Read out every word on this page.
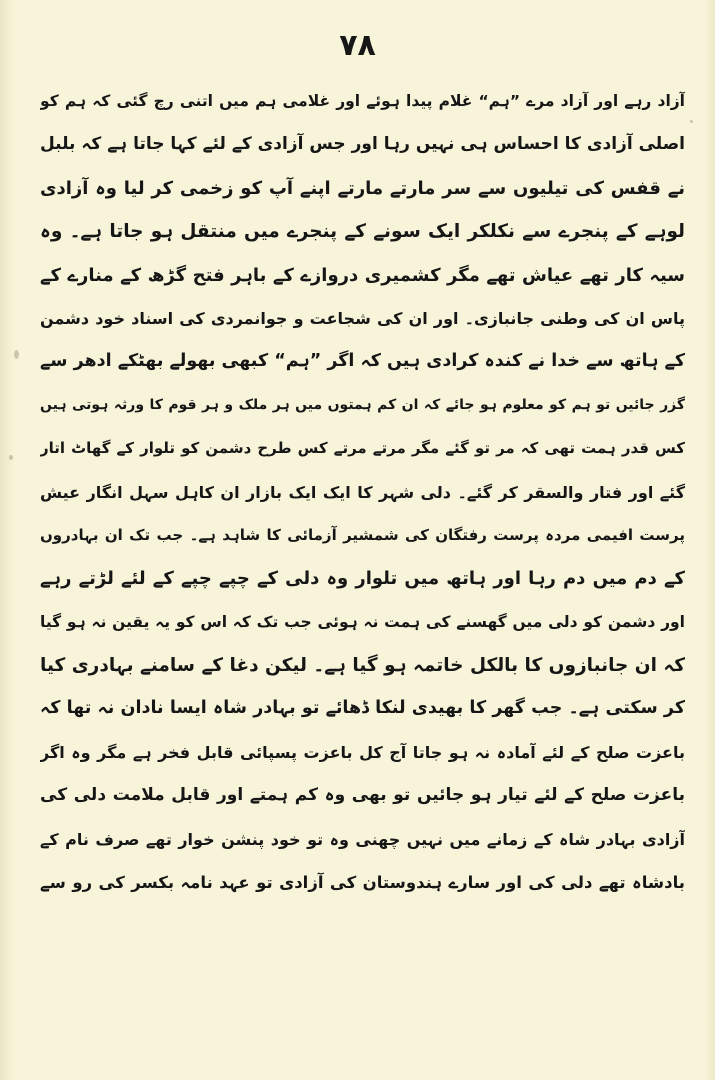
۷۸
آزاد رہے اور آزاد مرے ”ہم“ غلام پیدا ہوئے اور غلامی ہم میں اتنی رچ گئی کہ ہم کو
اصلی آزادی کا احساس ہی نہیں رہا اور جس آزادی کے لئے کہا جاتا ہے کہ بلبل
نے قفس کی تیلیوں سے سر مارتے مارتے اپنے آپ کو زخمی کر لیا وہ آزادی
لوہے کے پنجرے سے نکلکر ایک سونے کے پنجرے میں منتقل ہو جاتا ہے۔ وہ
سیہ کار تھے عیاش تھے مگر کشمیری دروازے کے باہر فتح گڑھ کے منارے کے
پاس ان کی وطنی جانبازی۔ اور ان کی شجاعت و جوانمردی کی اسناد خود دشمن
کے ہاتھ سے خدا نے کندہ کرادی ہیں کہ اگر ”ہم“ کبھی بھولے بھٹکے ادھر سے
گزر جائیں تو ہم کو معلوم ہو جائے کہ ان کم ہمتوں میں ہر ملک و ہر قوم کا ورثہ ہوتی ہیں
کس قدر ہمت تھی کہ مر تو گئے مگر مرتے مرتے کس طرح دشمن کو تلوار کے گھاٹ اتار
گئے اور فتار والسقر کر گئے۔ دلی شہر کا ایک ایک بازار ان کاہل سہل انگار عیش
پرست افیمی مردہ پرست رفتگان کی شمشیر آزمائی کا شاہد ہے۔ جب تک ان بہادروں
کے دم میں دم رہا اور ہاتھ میں تلوار وہ دلی کے چپے چپے کے لئے لڑتے رہے
اور دشمن کو دلی میں گھسنے کی ہمت نہ ہوئی جب تک کہ اس کو یہ یقین نہ ہو گیا
کہ ان جانبازوں کا بالکل خاتمہ ہو گیا ہے۔ لیکن دغا کے سامنے بہادری کیا
کر سکتی ہے۔ جب گھر کا بھیدی لنکا ڈھائے تو بہادر شاہ ایسا نادان نہ تھا کہ
باعزت صلح کے لئے آمادہ نہ ہو جاتا آج کل باعزت پسپائی قابل فخر ہے مگر وہ اگر
باعزت صلح کے لئے تیار ہو جائیں تو بھی وہ کم ہمتے اور قابل ملامت دلی کی
آزادی بہادر شاہ کے زمانے میں نہیں چھنی وہ تو خود پنشن خوار تھے صرف نام کے
بادشاہ تھے دلی کی اور سارے ہندوستان کی آزادی تو عہد نامہ بکسر کی رو سے
